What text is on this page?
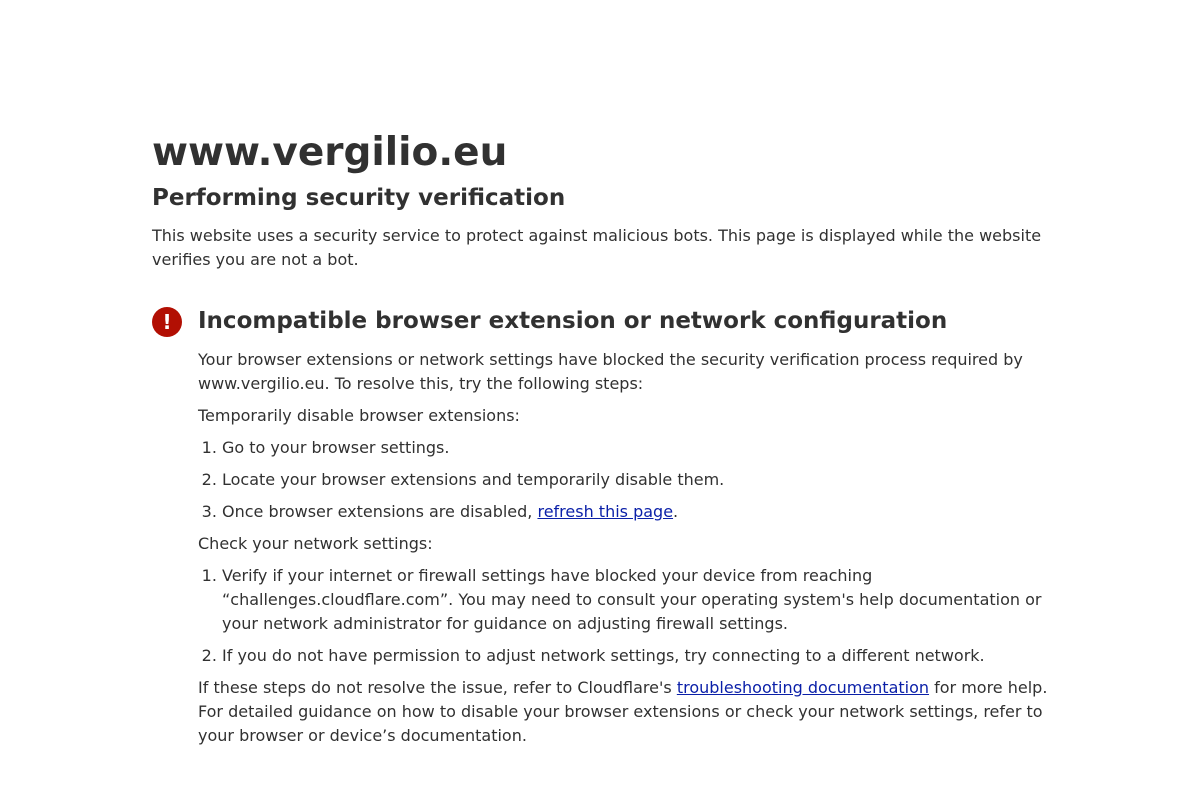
www.vergilio.eu
Performing security verification

This website uses a security service to protect against malicious bots. This page is displayed while the website verifies you are not a bot.

!	Incompatible browser extension or network configuration

Your browser extensions or network settings have blocked the security verification process required by www.vergilio.eu. To resolve this, try the following steps:

Temporarily disable browser extensions:

1. Go to your browser settings.
2. Locate your browser extensions and temporarily disable them.
3. Once browser extensions are disabled, refresh this page.

Check your network settings:

1. Verify if your internet or firewall settings have blocked your device from reaching “challenges.cloudflare.com”. You may need to consult your operating system's help documentation or your network administrator for guidance on adjusting firewall settings.
2. If you do not have permission to adjust network settings, try connecting to a different network.

If these steps do not resolve the issue, refer to Cloudflare's troubleshooting documentation for more help. For detailed guidance on how to disable your browser extensions or check your network settings, refer to your browser or device’s documentation.
